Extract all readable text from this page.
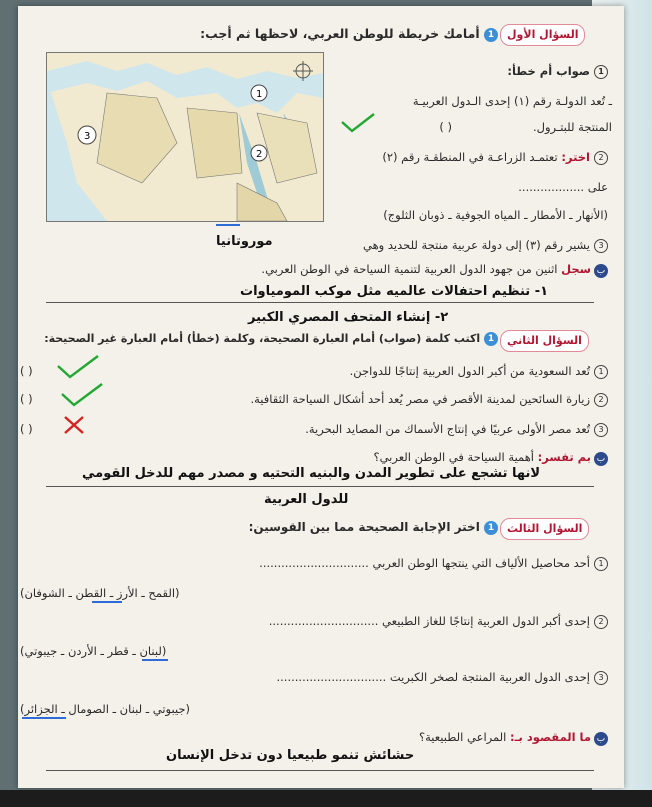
السؤال الأول
1 أمامك خريطة للوطن العربي، لاحظها ثم أجب:
1
2
3
1صواب أم خطأ:
ـ تُعد الدولـة رقم (١) إحدى الـدول العربيـة
المنتجة للبتـرول.
( )
2اختر: تعتمـد الزراعـة في المنطقـة رقم (٢)
على ..................
(الأنهار ـ الأمطار ـ المياه الجوفية ـ ذوبان الثلوج)
3يشير رقم (٣) إلى دولة عربية منتجة للحديد وهي
موروتانيا
بسجل اثنين من جهود الدول العربية لتنمية السياحة في الوطن العربي.
١- تنظيم احتفالات عالميه مثل موكب المومياوات
٢- إنشاء المتحف المصري الكبير
السؤال الثاني
1 اكتب كلمة (صواب) أمام العبارة الصحيحة، وكلمة (خطأ) أمام العبارة غير الصحيحة:
1تُعد السعودية من أكبر الدول العربية إنتاجًا للدواجن.
( )
2زيارة السائحين لمدينة الأقصر في مصر يُعد أحد أشكال السياحة الثقافية.
( )
3تُعد مصر الأولى عربيًا في إنتاج الأسماك من المصايد البحرية.
( )
ببم تفسر: أهمية السياحة في الوطن العربي؟
لانها تشجع على تطوير المدن والبنيه التحتيه و مصدر مهم للدخل القومي
للدول العربية
السؤال الثالث
1 اختر الإجابة الصحيحة مما بين القوسين:
1أحد محاصيل الألياف التي ينتجها الوطن العربي ..............................
(القمح ـ الأرز ـ القطن ـ الشوفان)
2إحدى أكبر الدول العربية إنتاجًا للغاز الطبيعي ..............................
(لبنان ـ قطر ـ الأردن ـ جيبوتي)
3إحدى الدول العربية المنتجة لصخر الكبريت ..............................
(جيبوتي ـ لبنان ـ الصومال ـ الجزائر)
بما المقصود بـ: المراعي الطبيعية؟
حشائش تنمو طبيعيا دون تدخل الإنسان
